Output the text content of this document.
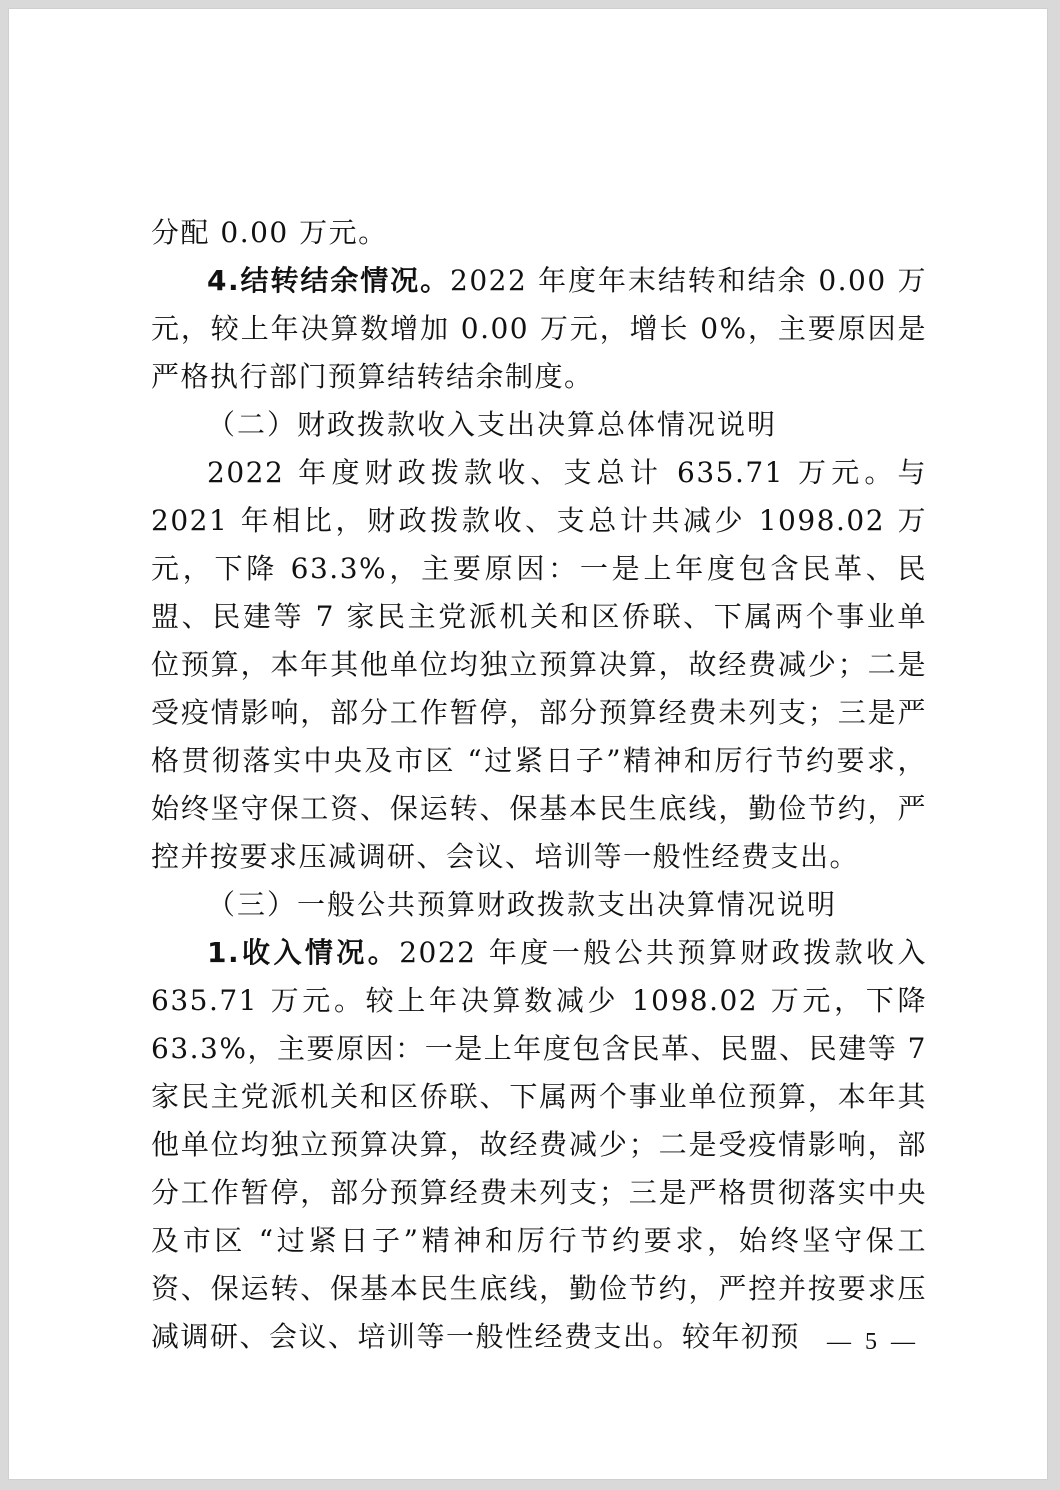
分配 0.00 万元。

4.结转结余情况。2022 年度年末结转和结余 0.00 万元，较上年决算数增加 0.00 万元，增长 0%，主要原因是严格执行部门预算结转结余制度。

（二）财政拨款收入支出决算总体情况说明

2022 年度财政拨款收、支总计 635.71 万元。与 2021 年相比，财政拨款收、支总计共减少 1098.02 万元，下降 63.3%，主要原因：一是上年度包含民革、民盟、民建等 7 家民主党派机关和区侨联、下属两个事业单位预算，本年其他单位均独立预算决算，故经费减少；二是受疫情影响，部分工作暂停，部分预算经费未列支；三是严格贯彻落实中央及市区 “过紧日子”精神和厉行节约要求，始终坚守保工资、保运转、保基本民生底线，勤俭节约，严控并按要求压减调研、会议、培训等一般性经费支出。

（三）一般公共预算财政拨款支出决算情况说明

1.收入情况。2022 年度一般公共预算财政拨款收入 635.71 万元。较上年决算数减少 1098.02 万元，下降 63.3%，主要原因：一是上年度包含民革、民盟、民建等 7 家民主党派机关和区侨联、下属两个事业单位预算，本年其他单位均独立预算决算，故经费减少；二是受疫情影响，部分工作暂停，部分预算经费未列支；三是严格贯彻落实中央及市区 “过紧日子”精神和厉行节约要求，始终坚守保工资、保运转、保基本民生底线，勤俭节约，严控并按要求压减调研、会议、培训等一般性经费支出。较年初预	— 5 —
